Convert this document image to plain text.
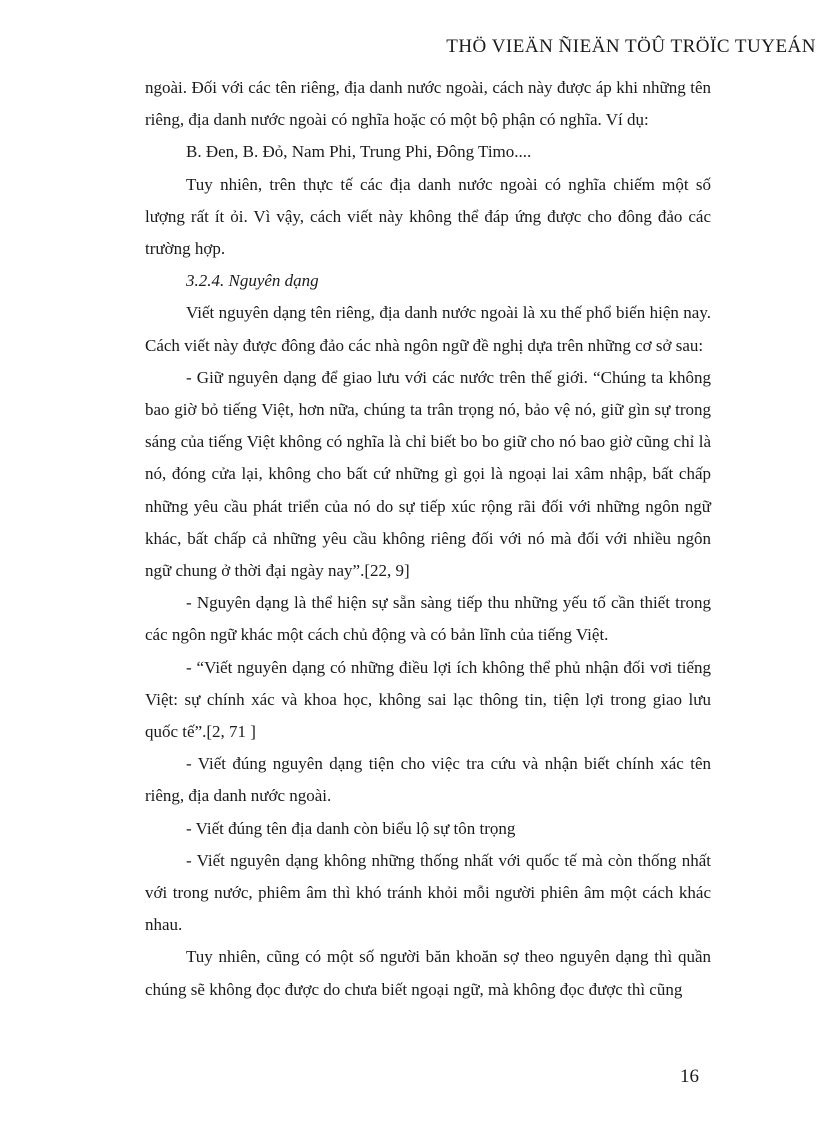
THÖ VIEÄN ÑIEÄN TÖÛ TRÖÏC TUYEÁN

ngoài. Đối với các tên riêng, địa danh nước ngoài, cách này được áp khi những tên riêng, địa danh nước ngoài có nghĩa hoặc có một bộ phận có nghĩa. Ví dụ:

B. Đen, B. Đỏ, Nam Phi, Trung Phi, Đông Timo....

Tuy nhiên, trên thực tế các địa danh nước ngoài có nghĩa chiếm một số lượng rất ít ỏi. Vì vậy, cách viết này không thể đáp ứng được cho đông đảo các trường hợp.

3.2.4. Nguyên dạng

Viết nguyên dạng tên riêng, địa danh nước ngoài là xu thế phổ biến hiện nay. Cách viết này được đông đảo các nhà ngôn ngữ đề nghị dựa trên những cơ sở sau:

- Giữ nguyên dạng để giao lưu với các nước trên thế giới. “Chúng ta không bao giờ bỏ tiếng Việt, hơn nữa, chúng ta trân trọng nó, bảo vệ nó, giữ gìn sự trong sáng của tiếng Việt không có nghĩa là chỉ biết bo bo giữ cho nó bao giờ cũng chỉ là nó, đóng cửa lại, không cho bất cứ những gì gọi là ngoại lai xâm nhập, bất chấp những yêu cầu phát triển của nó do sự tiếp xúc rộng rãi đối với những ngôn ngữ khác, bất chấp cả những yêu cầu không riêng đối với nó mà đối với nhiều ngôn ngữ chung ở thời đại ngày nay”.[22, 9]

- Nguyên dạng là thể hiện sự sẵn sàng tiếp thu những yếu tố cần thiết trong các ngôn ngữ khác một cách chủ động và có bản lĩnh của tiếng Việt.

- “Viết nguyên dạng có những điều lợi ích không thể phủ nhận đối vơi tiếng Việt: sự chính xác và khoa học, không sai lạc thông tin, tiện lợi trong giao lưu quốc tế”.[2, 71 ]

- Viết đúng nguyên dạng tiện cho việc tra cứu và nhận biết chính xác tên riêng, địa danh nước ngoài.

- Viết đúng tên địa danh còn biểu lộ sự tôn trọng

- Viết nguyên dạng không những thống nhất với quốc tế mà còn thống nhất với trong nước, phiêm âm thì khó tránh khỏi mỗi người phiên âm một cách khác nhau.

Tuy nhiên, cũng có một số người băn khoăn sợ theo nguyên dạng thì quần chúng sẽ không đọc được do chưa biết ngoại ngữ, mà không đọc được thì cũng

16
